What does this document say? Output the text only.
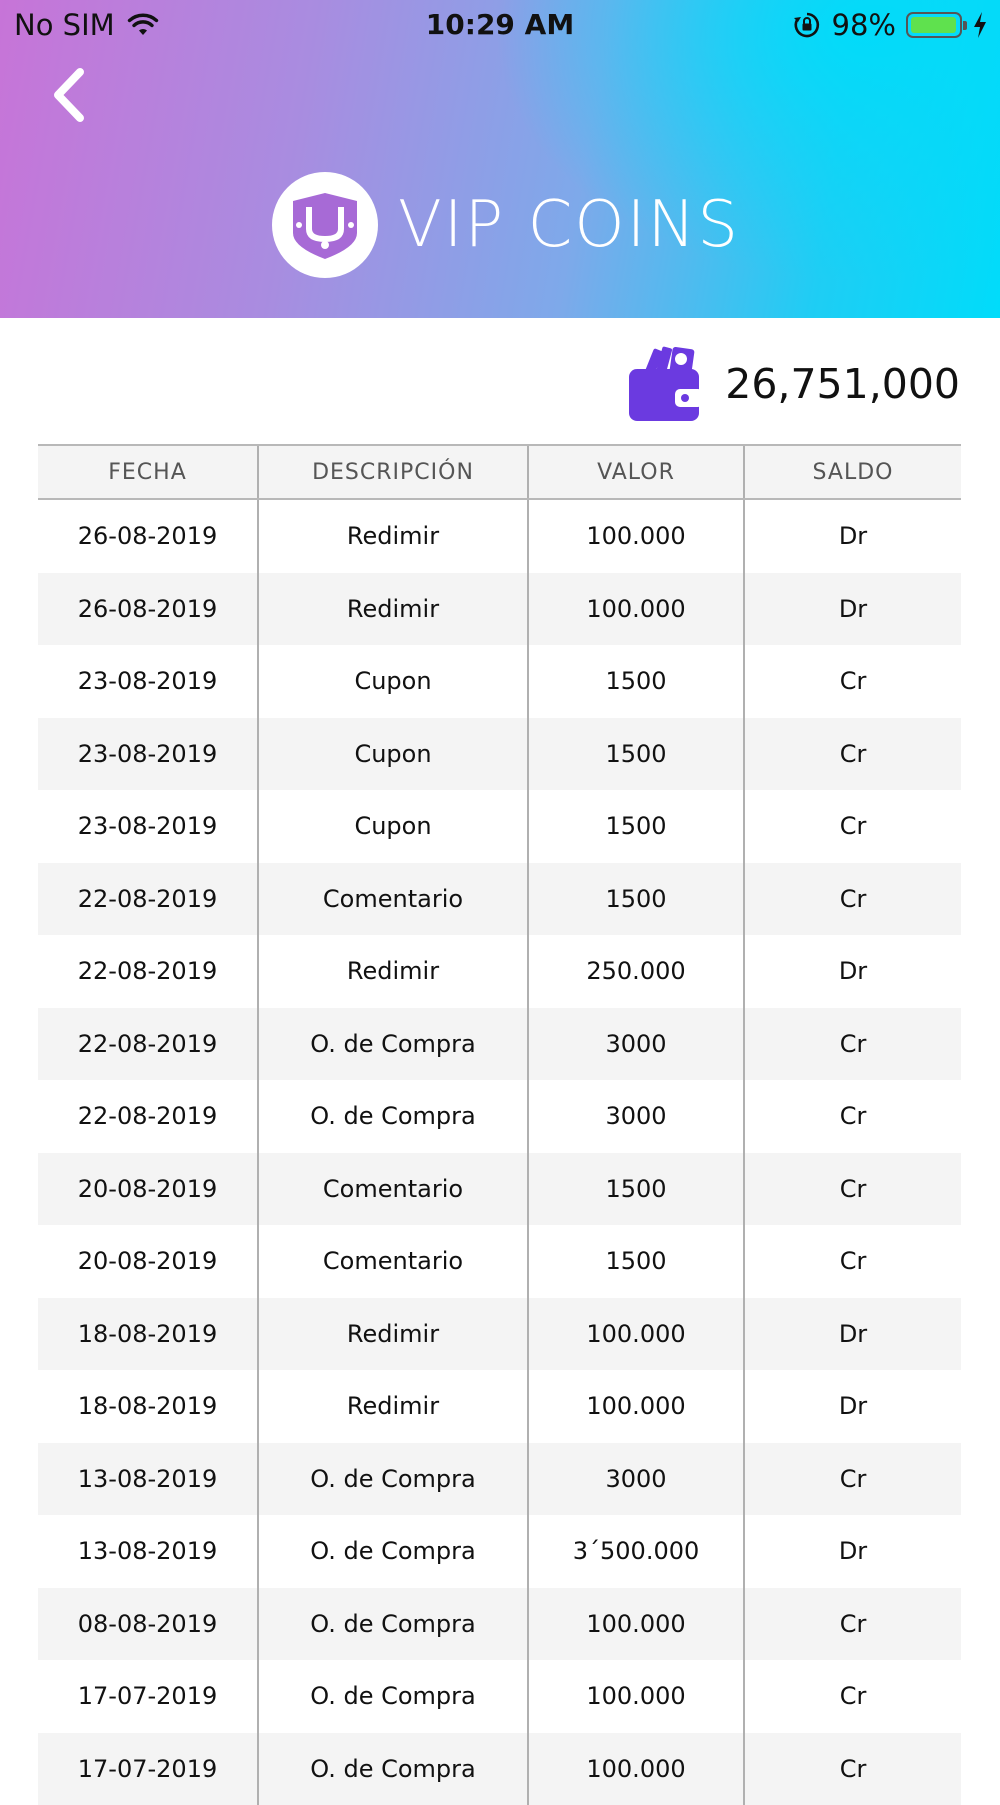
No SIM	10:29 AM	98%
VIP COINS
26,751,000
FECHA	DESCRIPCIÓN	VALOR	SALDO
26-08-2019	Redimir	100.000	Dr
26-08-2019	Redimir	100.000	Dr
23-08-2019	Cupon	1500	Cr
23-08-2019	Cupon	1500	Cr
23-08-2019	Cupon	1500	Cr
22-08-2019	Comentario	1500	Cr
22-08-2019	Redimir	250.000	Dr
22-08-2019	O. de Compra	3000	Cr
22-08-2019	O. de Compra	3000	Cr
20-08-2019	Comentario	1500	Cr
20-08-2019	Comentario	1500	Cr
18-08-2019	Redimir	100.000	Dr
18-08-2019	Redimir	100.000	Dr
13-08-2019	O. de Compra	3000	Cr
13-08-2019	O. de Compra	3´500.000	Dr
08-08-2019	O. de Compra	100.000	Cr
17-07-2019	O. de Compra	100.000	Cr
17-07-2019	O. de Compra	100.000	Cr
